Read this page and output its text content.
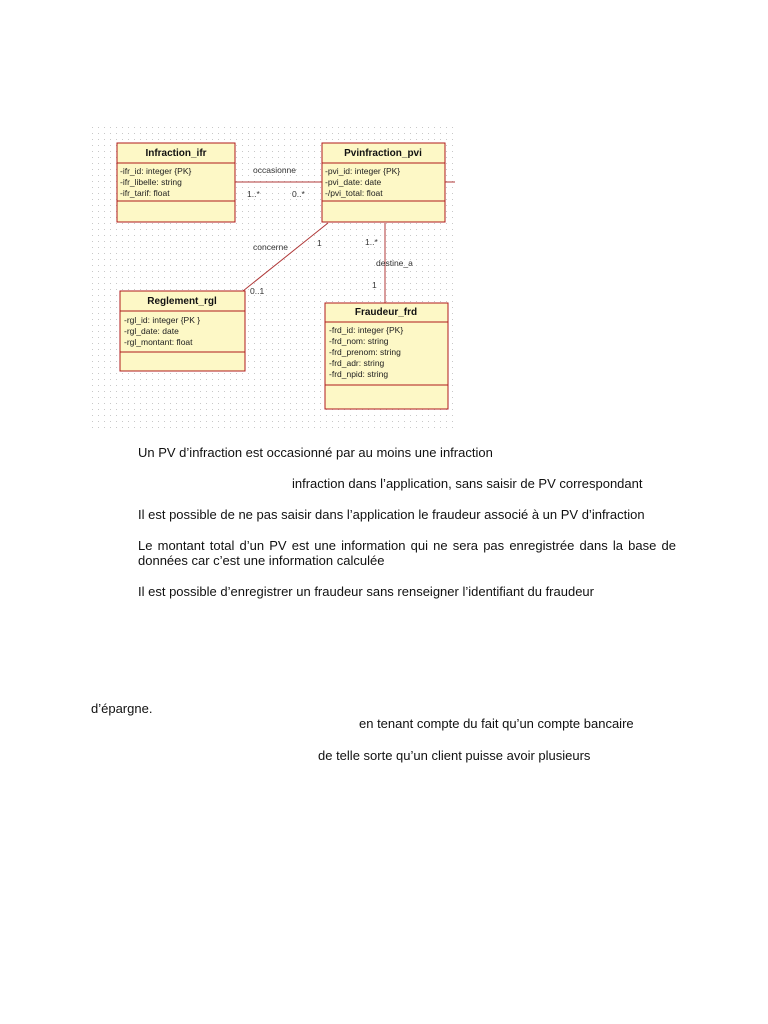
occasionne
1..*	0..*
concerne	1
0..1
1..*
destine_a
1
Infraction_ifr
-ifr_id: integer {PK}
-ifr_libelle: string
-ifr_tarif: float
Pvinfraction_pvi
-pvi_id: integer {PK}
-pvi_date: date
-/pvi_total: float
Reglement_rgl
-rgl_id: integer {PK }
-rgl_date: date
-rgl_montant: float
Fraudeur_frd
-frd_id: integer {PK}
-frd_nom: string
-frd_prenom: string
-frd_adr: string
-frd_npid: string

Un PV d’infraction est occasionné par au moins une infraction

infraction dans l’application, sans saisir de PV correspondant

Il est possible de ne pas saisir dans l’application le fraudeur associé à un PV d’infraction

Le montant total d’un PV est une information qui ne sera pas enregistrée dans la base de données car c’est une information calculée

Il est possible d’enregistrer un fraudeur sans renseigner l’identifiant du fraudeur

d’épargne.

en tenant compte du fait qu’un compte bancaire

de telle sorte qu’un client puisse avoir plusieurs
